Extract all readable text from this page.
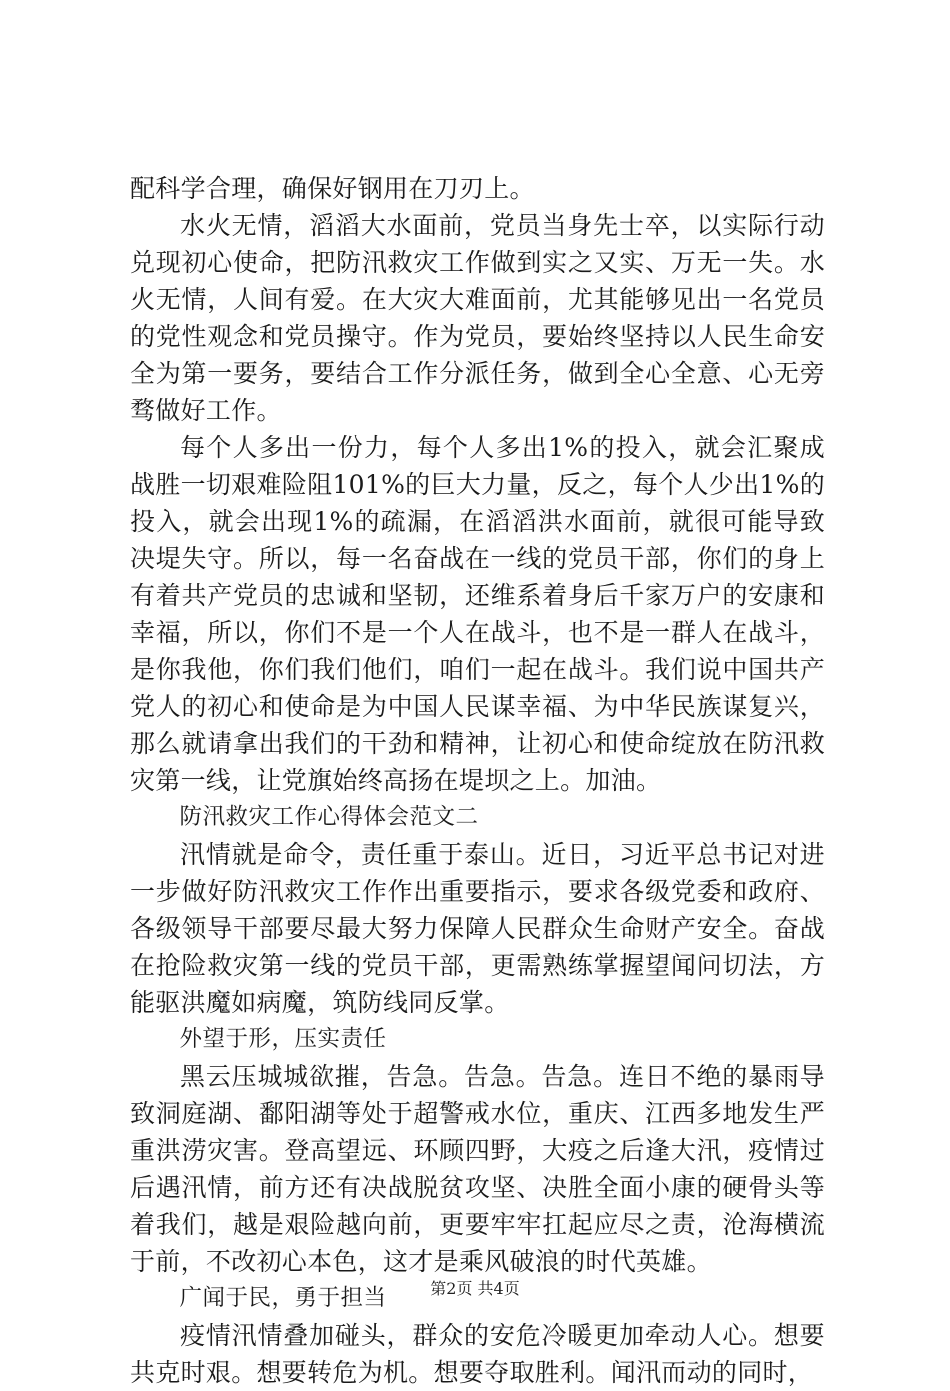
配科学合理，确保好钢用在刀刃上。

水火无情，滔滔大水面前，党员当身先士卒，以实际行动兑现初心使命，把防汛救灾工作做到实之又实、万无一失。水火无情，人间有爱。在大灾大难面前，尤其能够见出一名党员的党性观念和党员操守。作为党员，要始终坚持以人民生命安全为第一要务，要结合工作分派任务，做到全心全意、心无旁骛做好工作。

每个人多出一份力，每个人多出1%的投入，就会汇聚成战胜一切艰难险阻101%的巨大力量，反之，每个人少出1%的投入，就会出现1%的疏漏，在滔滔洪水面前，就很可能导致决堤失守。所以，每一名奋战在一线的党员干部，你们的身上有着共产党员的忠诚和坚韧，还维系着身后千家万户的安康和幸福，所以，你们不是一个人在战斗，也不是一群人在战斗，是你我他，你们我们他们，咱们一起在战斗。我们说中国共产党人的初心和使命是为中国人民谋幸福、为中华民族谋复兴，那么就请拿出我们的干劲和精神，让初心和使命绽放在防汛救灾第一线，让党旗始终高扬在堤坝之上。加油。

防汛救灾工作心得体会范文二

汛情就是命令，责任重于泰山。近日，习近平总书记对进一步做好防汛救灾工作作出重要指示，要求各级党委和政府、各级领导干部要尽最大努力保障人民群众生命财产安全。奋战在抢险救灾第一线的党员干部，更需熟练掌握望闻问切法，方能驱洪魔如病魔，筑防线同反掌。

外望于形，压实责任

黑云压城城欲摧，告急。告急。告急。连日不绝的暴雨导致洞庭湖、鄱阳湖等处于超警戒水位，重庆、江西多地发生严重洪涝灾害。登高望远、环顾四野，大疫之后逢大汛，疫情过后遇汛情，前方还有决战脱贫攻坚、决胜全面小康的硬骨头等着我们，越是艰险越向前，更要牢牢扛起应尽之责，沧海横流于前，不改初心本色，这才是乘风破浪的时代英雄。

广闻于民，勇于担当

疫情汛情叠加碰头，群众的安危冷暖更加牵动人心。想要共克时艰。想要转危为机。想要夺取胜利。闻汛而动的同时，

第2页 共4页
